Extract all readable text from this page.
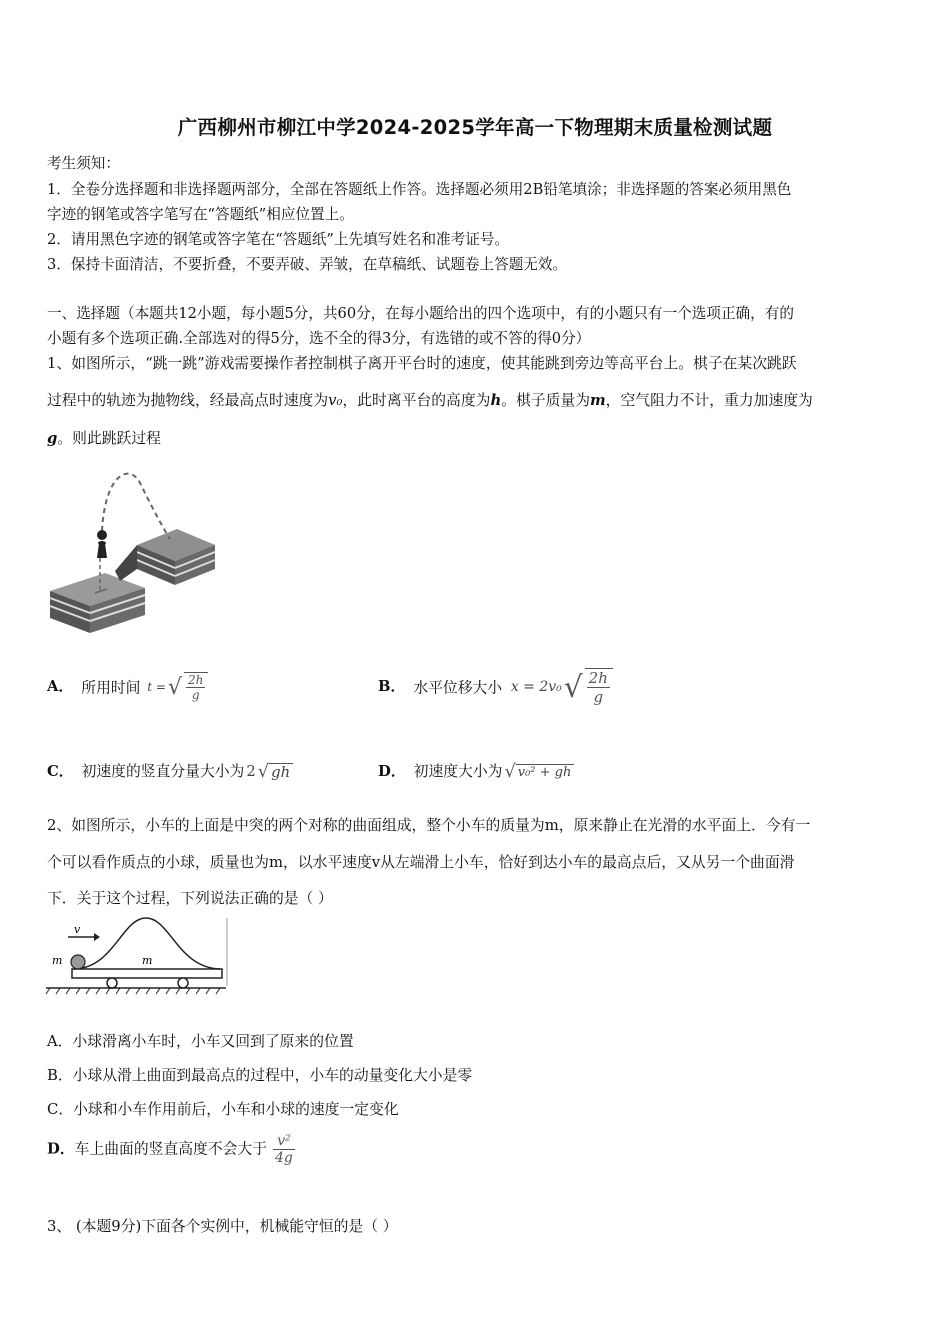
广西柳州市柳江中学2024-2025学年高一下物理期末质量检测试题
考生须知：
1．全卷分选择题和非选择题两部分，全部在答题纸上作答。选择题必须用2B铅笔填涂；非选择题的答案必须用黑色
字迹的钢笔或答字笔写在“答题纸”相应位置上。
2．请用黑色字迹的钢笔或答字笔在“答题纸”上先填写姓名和准考证号。
3．保持卡面清洁，不要折叠，不要弄破、弄皱，在草稿纸、试题卷上答题无效。
一、选择题（本题共12小题，每小题5分，共60分，在每小题给出的四个选项中，有的小题只有一个选项正确，有的
小题有多个选项正确.全部选对的得5分，选不全的得3分，有选错的或不答的得0分）
1、如图所示，“跳一跳”游戏需要操作者控制棋子离开平台时的速度，使其能跳到旁边等高平台上。棋子在某次跳跃
过程中的轨迹为抛物线，经最高点时速度为v₀，此时离平台的高度为h。棋子质量为m，空气阻力不计，重力加速度为
g。则此跳跃过程
A． 所用时间 t =√ $\frac{2h}{g}$	B． 水平位移大小 $x = 2v_0√ \frac{2h}{g}$
C． 初速度的竖直分量大小为 2 √ gh	D． 初速度大小为 √ v₀² + gh
2、如图所示，小车的上面是中突的两个对称的曲面组成，整个小车的质量为m，原来静止在光滑的水平面上．今有一
个可以看作质点的小球，质量也为m，以水平速度v从左端滑上小车，恰好到达小车的最高点后，又从另一个曲面滑
下．关于这个过程，下列说法正确的是（ ）
v
m	m
A．小球滑离小车时，小车又回到了原来的位置
B．小球从滑上曲面到最高点的过程中，小车的动量变化大小是零
C．小球和小车作用前后，小车和小球的速度一定变化
D．车上曲面的竖直高度不会大于 $\frac{\text{v²}}{4g}$
3、 (本题9分)下面各个实例中，机械能守恒的是（ ）
